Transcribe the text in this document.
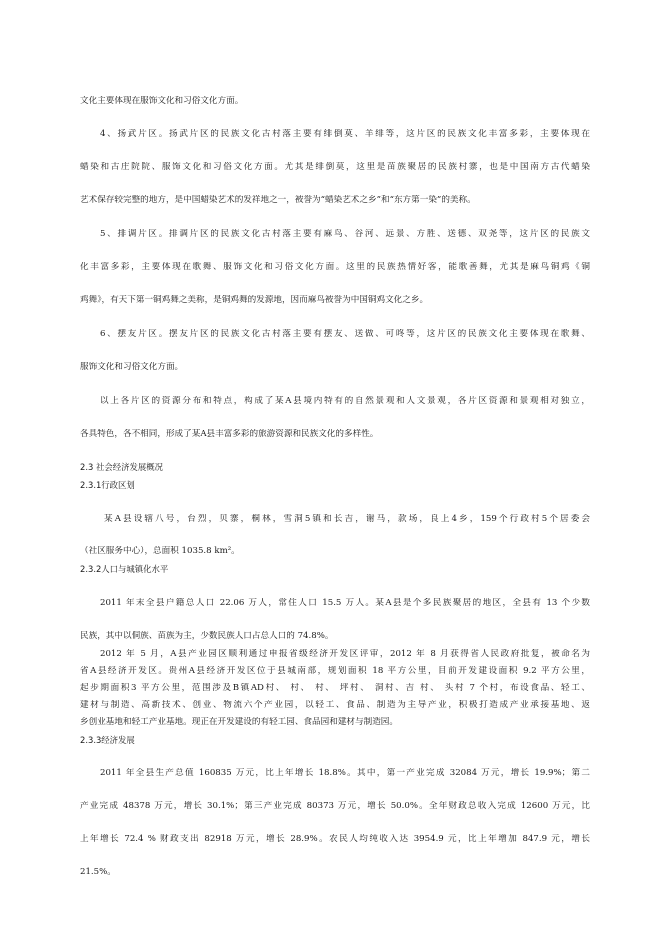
文化主要体现在服饰文化和习俗文化方面。
4、扬武片区。扬武片区的民族文化古村落主要有绯倒莫、羊绯等，这片区的民族文化丰富多彩，主要体现在
蜡染和古庄院院、服饰文化和习俗文化方面。尤其是绯倒莫，这里是苗族聚居的民族村寨，也是中国南方古代蜡染
艺术保存较完整的地方，是中国蜡染艺术的发祥地之一，被誉为“蜡染艺术之乡”和“东方第一染”的美称。
5、排调片区。排调片区的民族文化古村落主要有麻鸟、谷河、远景、方胜、送德、双尧等，这片区的民族文
化丰富多彩，主要体现在歌舞、服饰文化和习俗文化方面。这里的民族热情好客，能歌善舞，尤其是麻鸟铜鸡《铜
鸡舞》，有天下第一铜鸡舞之美称，是铜鸡舞的发源地，因而麻鸟被誉为中国铜鸡文化之乡。
6、摆友片区。摆友片区的民族文化古村落主要有摆友、送做、可咚等，这片区的民族文化主要体现在歌舞、
服饰文化和习俗文化方面。
以上各片区的资源分布和特点，构成了某A县境内特有的自然景观和人文景观，各片区资源和景观相对独立，
各具特色，各不相同，形成了某A县丰富多彩的旅游资源和民族文化的多样性。
2.3 社会经济发展概况
2.3.1行政区划
某A县设辖八号，台烈，贝寨，桐林，雪洞5镇和长吉，谢马，款场，良上4乡，159个行政村5个居委会
（社区服务中心），总面积 1035.8 km²。
2.3.2人口与城镇化水平
2011 年末全县户籍总人口 22.06 万人，常住人口 15.5 万人。某A县是个多民族聚居的地区，全县有 13 个少数
民族，其中以侗族、苗族为主，少数民族人口占总人口的 74.8%。
2012 年 5 月，A县产业园区顺利通过申报省级经济开发区评审，2012 年 8 月获得省人民政府批复，被命名为
省A县经济开发区。贵州A县经济开发区位于县城南部，规划面积 18 平方公里，目前开发建设面积 9.2 平方公里，
起步期面积3 平方公里，范围涉及B镇AD村、 村、 村、 坪村、 洞村、吉 村、 头村 7 个村，布设食品、轻工、
建材与制造、高新技术、创业、物流六个产业园，以轻工、食品、制造为主导产业，积极打造成产业承接基地、返
乡创业基地和轻工产业基地。现正在开发建设的有轻工园、食品园和建材与制造园。
2.3.3经济发展
2011 年全县生产总值 160835 万元，比上年增长 18.8%。其中，第一产业完成 32084 万元，增长 19.9%；第二
产业完成 48378 万元，增长 30.1%；第三产业完成 80373 万元，增长 50.0%。全年财政总收入完成 12600 万元，比
上年增长 72.4 % 财政支出 82918 万元，增长 28.9%。农民人均纯收入达 3954.9 元，比上年增加 847.9 元，增长
21.5%。
